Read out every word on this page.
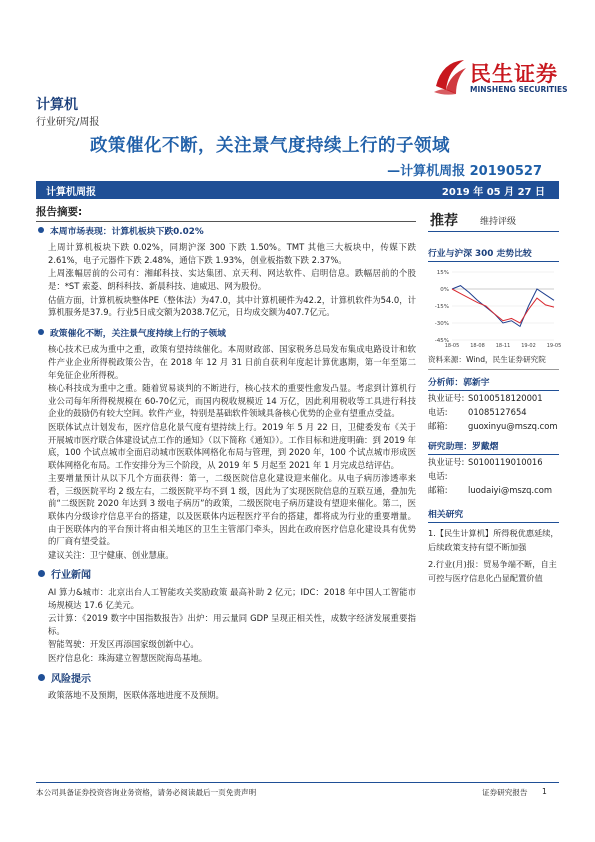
民生证券
MINSHENG SECURITIES
计算机
行业研究/周报
政策催化不断，关注景气度持续上行的子领域
—计算机周报 20190527
计算机周报	2019 年 05 月 27 日
报告摘要:
本周市场表现：计算机板块下跌0.02%
上周计算机板块下跌 0.02%，同期沪深 300 下跌 1.50%。TMT 其他三大板块中，传媒下跌 2.61%，电子元器件下跌 2.48%，通信下跌 1.93%，创业板指数下跌 2.37%。
上周涨幅居前的公司有：湘邮科技、实达集团、京天利、网达软件、启明信息。跌幅居前的个股是：*ST 索菱、朗科科技、新晨科技、迪威迅、网为股份。
估值方面，计算机板块整体PE（整体法）为47.0，其中计算机硬件为42.2，计算机软件为54.0，计算机服务是37.9。行业5日成交额为2038.7亿元，日均成交额为407.7亿元。
政策催化不断，关注景气度持续上行的子领域
核心技术已成为重中之重，政策有望持续催化。本周财政部、国家税务总局发布集成电路设计和软件产业企业所得税政策公告，在 2018 年 12 月 31 日前自获利年度起计算优惠期，第一年至第二年免征企业所得税。
核心科技成为重中之重。随着贸易谈判的不断进行，核心技术的重要性愈发凸显。考虑到计算机行业公司每年所得税规模在 60-70亿元，而国内税收规模近 14 万亿，因此利用税收等工具进行科技企业的鼓励仍有较大空间。软件产业，特别是基础软件领域具备核心优势的企业有望重点受益。
医联体试点计划发布，医疗信息化景气度有望持续上行。2019 年 5 月 22 日，卫健委发布《关于开展城市医疗联合体建设试点工作的通知》（以下简称《通知》）。工作目标和进度明确：到 2019 年底，100 个试点城市全面启动城市医联体网格化布局与管理，到 2020 年，100 个试点城市形成医联体网格化布局。工作安排分为三个阶段，从 2019 年 5 月起至 2021 年 1 月完成总结评估。
主要增量预计从以下几个方面获得：第一，二级医院信息化建设迎来催化。从电子病历渗透率来看，三级医院平均 2 级左右，二级医院平均不到 1 级，因此为了实现医院信息的互联互通，叠加先前“二级医院 2020 年达到 3 级电子病历”的政策，二级医院电子病历建设有望迎来催化。第二，医联体内分级诊疗信息平台的搭建，以及医联体内远程医疗平台的搭建，都将成为行业的重要增量。由于医联体内的平台预计将由相关地区的卫生主管部门牵头，因此在政府医疗信息化建设具有优势的厂商有望受益。
建议关注：卫宁健康、创业慧康。
行业新闻
AI 算力&城市：北京出台人工智能攻关奖励政策 最高补助 2 亿元；IDC：2018 年中国人工智能市场规模达 17.6 亿美元。
云计算：《2019 数字中国指数报告》出炉：用云量同 GDP 呈现正相关性，成数字经济发展重要指标。
智能驾驶：开发区再添国家级创新中心。
医疗信息化：珠海建立智慧医院海岛基地。
风险提示
政策落地不及预期，医联体落地进度不及预期。
推荐 维持评级
行业与沪深 300 走势比较
15%
0%
-15%
-30%
-45%
18-05 18-08 18-11 19-02 19-05
资料来源：Wind，民生证券研究院
分析师：郭新宇
执业证号: S0100518120001
电话:	01085127654
邮箱:	guoxinyu@mszq.com
研究助理：罗戴熠
执业证号: S0100119010016
电话:
邮箱:	luodaiyi@mszq.com
相关研究
1.【民生计算机】所得税优惠延续，后续政策支持有望不断加强
2.行业(月)报：贸易争端不断，自主可控与医疗信息化凸显配置价值
本公司具备证券投资咨询业务资格，请务必阅读最后一页免责声明	证券研究报告 1
